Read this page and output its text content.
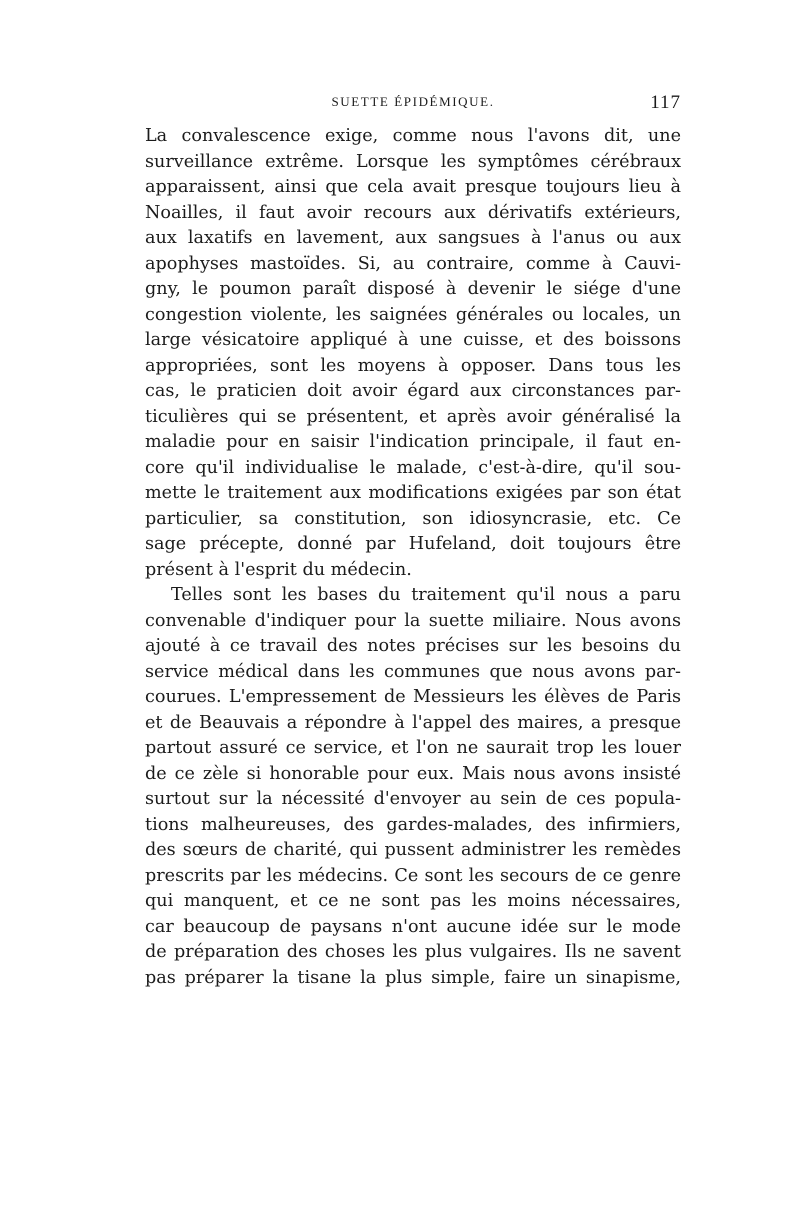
SUETTE ÉPIDÉMIQUE.	117
La convalescence exige, comme nous l'avons dit, une
surveillance extrême. Lorsque les symptômes cérébraux
apparaissent, ainsi que cela avait presque toujours lieu à
Noailles, il faut avoir recours aux dérivatifs extérieurs,
aux laxatifs en lavement, aux sangsues à l'anus ou aux
apophyses mastoïdes. Si, au contraire, comme à Cauvi-
gny, le poumon paraît disposé à devenir le siége d'une
congestion violente, les saignées générales ou locales, un
large vésicatoire appliqué à une cuisse, et des boissons
appropriées, sont les moyens à opposer. Dans tous les
cas, le praticien doit avoir égard aux circonstances par-
ticulières qui se présentent, et après avoir généralisé la
maladie pour en saisir l'indication principale, il faut en-
core qu'il individualise le malade, c'est-à-dire, qu'il sou-
mette le traitement aux modifications exigées par son état
particulier, sa constitution, son idiosyncrasie, etc. Ce
sage précepte, donné par Hufeland, doit toujours être
présent à l'esprit du médecin.
Telles sont les bases du traitement qu'il nous a paru
convenable d'indiquer pour la suette miliaire. Nous avons
ajouté à ce travail des notes précises sur les besoins du
service médical dans les communes que nous avons par-
courues. L'empressement de Messieurs les élèves de Paris
et de Beauvais a répondre à l'appel des maires, a presque
partout assuré ce service, et l'on ne saurait trop les louer
de ce zèle si honorable pour eux. Mais nous avons insisté
surtout sur la nécessité d'envoyer au sein de ces popula-
tions malheureuses, des gardes-malades, des infirmiers,
des sœurs de charité, qui pussent administrer les remèdes
prescrits par les médecins. Ce sont les secours de ce genre
qui manquent, et ce ne sont pas les moins nécessaires,
car beaucoup de paysans n'ont aucune idée sur le mode
de préparation des choses les plus vulgaires. Ils ne savent
pas préparer la tisane la plus simple, faire un sinapisme,
